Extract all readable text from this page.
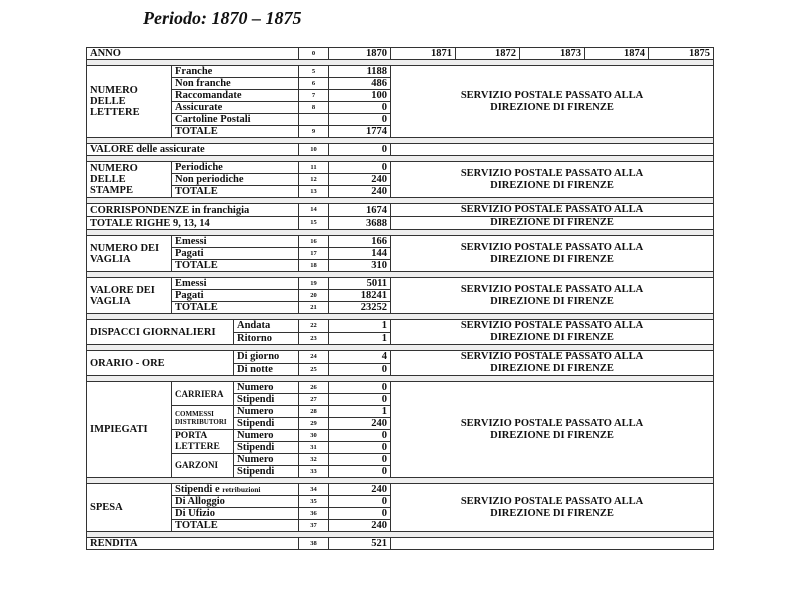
Periodo: 1870 – 1875
ANNO			0	1870	1871	1872	1873	1874	1875

NUMERO DELLE LETTERE	Franche		5	1188	SERVIZIO POSTALE PASSATO ALLA
DIREZIONE DI FIRENZE				
	Non franche		6	486					
	Raccomandate		7	100					
	Assicurate		8	0					
	Cartoline Postali			0					
	TOTALE		9	1774					

VALORE delle assicurate			10	0					

NUMERO DELLE STAMPE	Periodiche		11	0	SERVIZIO POSTALE PASSATO ALLA
DIREZIONE DI FIRENZE				
	Non periodiche		12	240					
	TOTALE		13	240					

CORRISPONDENZE in franchigia			14	1674	SERVIZIO POSTALE PASSATO ALLA				
TOTALE RIGHE 9, 13, 14			15	3688	DIREZIONE DI FIRENZE				

NUMERO DEI VAGLIA	Emessi		16	166	SERVIZIO POSTALE PASSATO ALLA
DIREZIONE DI FIRENZE				
	Pagati		17	144					
	TOTALE		18	310					

VALORE DEI VAGLIA	Emessi		19	5011	SERVIZIO POSTALE PASSATO ALLA
DIREZIONE DI FIRENZE				
	Pagati		20	18241					
	TOTALE		21	23252					

DISPACCI GIORNALIERI		Andata	22	1	SERVIZIO POSTALE PASSATO ALLA
DIREZIONE DI FIRENZE				
		Ritorno	23	1					

ORARIO - ORE		Di giorno	24	4	SERVIZIO POSTALE PASSATO ALLA
DIREZIONE DI FIRENZE				
		Di notte	25	0					

IMPIEGATI	CARRIERA	Numero	26	0	SERVIZIO POSTALE PASSATO ALLA
DIREZIONE DI FIRENZE				
		Stipendi	27	0					
	COMMESSI
DISTRIBUTORI	Numero	28	1					
		Stipendi	29	240					
	PORTA LETTERE	Numero	30	0					
		Stipendi	31	0					
	GARZONI	Numero	32	0					
		Stipendi	33	0					

SPESA	Stipendi e retribuzioni		34	240	SERVIZIO POSTALE PASSATO ALLA
DIREZIONE DI FIRENZE				
	Di Alloggio		35	0					
	Di Ufizio		36	0					
	TOTALE		37	240					

RENDITA			38	521					
